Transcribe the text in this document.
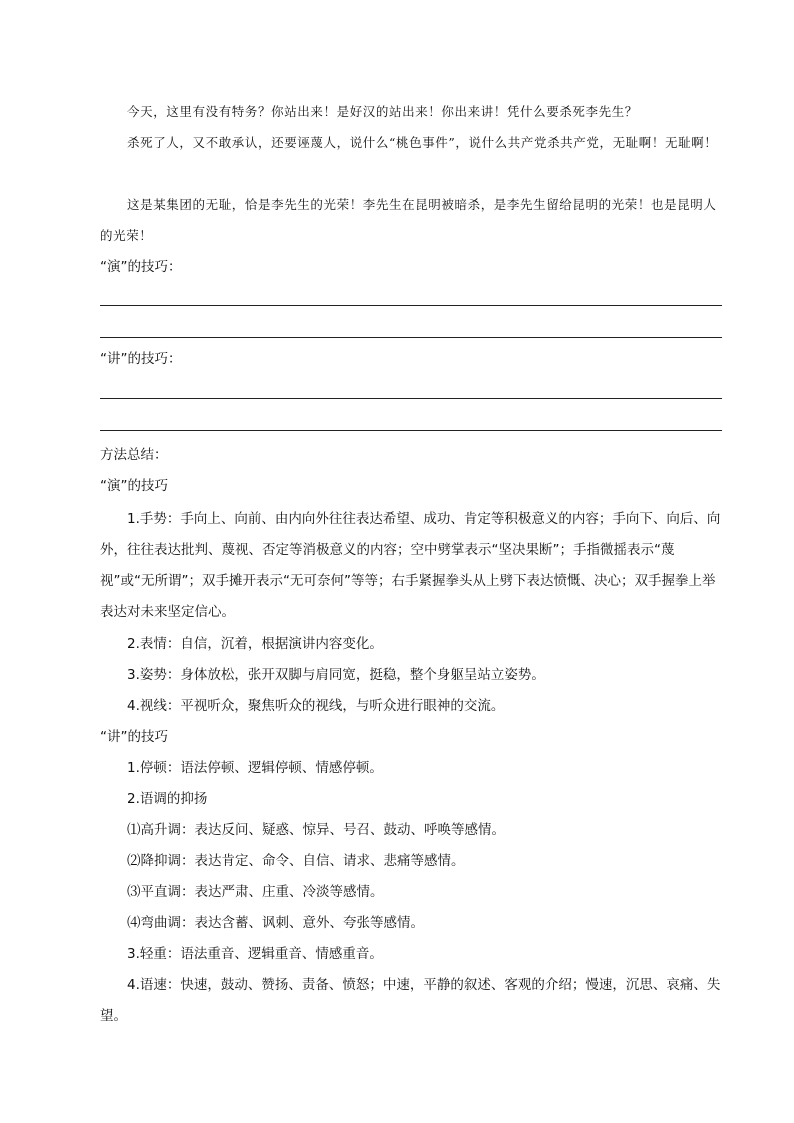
今天，这里有没有特务？你站出来！是好汉的站出来！你出来讲！凭什么要杀死李先生？

杀死了人，又不敢承认，还要诬蔑人，说什么“桃色事件”，说什么共产党杀共产党，无耻啊！无耻啊！

这是某集团的无耻，恰是李先生的光荣！李先生在昆明被暗杀，是李先生留给昆明的光荣！也是昆明人的光荣！

“演”的技巧：

“讲”的技巧：

方法总结：

“演”的技巧

1.手势：手向上、向前、由内向外往往表达希望、成功、肯定等积极意义的内容；手向下、向后、向外，往往表达批判、蔑视、否定等消极意义的内容；空中劈掌表示“坚决果断”；手指微摇表示“蔑视”或“无所谓”；双手摊开表示“无可奈何”等等；右手紧握拳头从上劈下表达愤慨、决心；双手握拳上举表达对未来坚定信心。

2.表情：自信，沉着，根据演讲内容变化。

3.姿势：身体放松，张开双脚与肩同宽，挺稳，整个身躯呈站立姿势。

4.视线：平视听众，聚焦听众的视线，与听众进行眼神的交流。

“讲”的技巧

1.停顿：语法停顿、逻辑停顿、情感停顿。

2.语调的抑扬

⑴高升调：表达反问、疑惑、惊异、号召、鼓动、呼唤等感情。

⑵降抑调：表达肯定、命令、自信、请求、悲痛等感情。

⑶平直调：表达严肃、庄重、冷淡等感情。

⑷弯曲调：表达含蓄、讽刺、意外、夸张等感情。

3.轻重：语法重音、逻辑重音、情感重音。

4.语速：快速，鼓动、赞扬、责备、愤怒；中速，平静的叙述、客观的介绍；慢速，沉思、哀痛、失望。
